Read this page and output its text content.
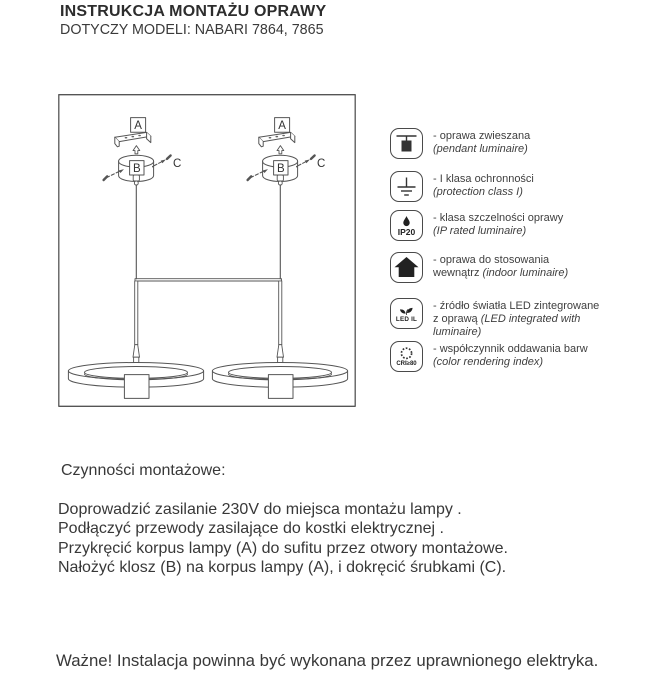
INSTRUKCJA MONTAŻU OPRAWY
DOTYCZY MODELI: NABARI 7864, 7865
A
B	C
A
B	C
- oprawa zwieszana
(pendant luminaire)
- I klasa ochronności
(protection class I)
IP20
- klasa szczelności oprawy
(IP rated luminaire)
- oprawa do stosowania
wewnątrz (indoor luminaire)
LED IL
- źródło światła LED zintegrowane
z oprawą (LED integrated with
luminaire)
CRI≥80
- współczynnik oddawania barw
(color rendering index)
Czynności montażowe:
Doprowadzić zasilanie 230V do miejsca montażu lampy .
Podłączyć przewody zasilające do kostki elektrycznej .
Przykręcić korpus lampy (A) do sufitu przez otwory montażowe.
Nałożyć klosz (B) na korpus lampy (A), i dokręcić śrubkami (C).
Ważne! Instalacja powinna być wykonana przez uprawnionego elektryka.
